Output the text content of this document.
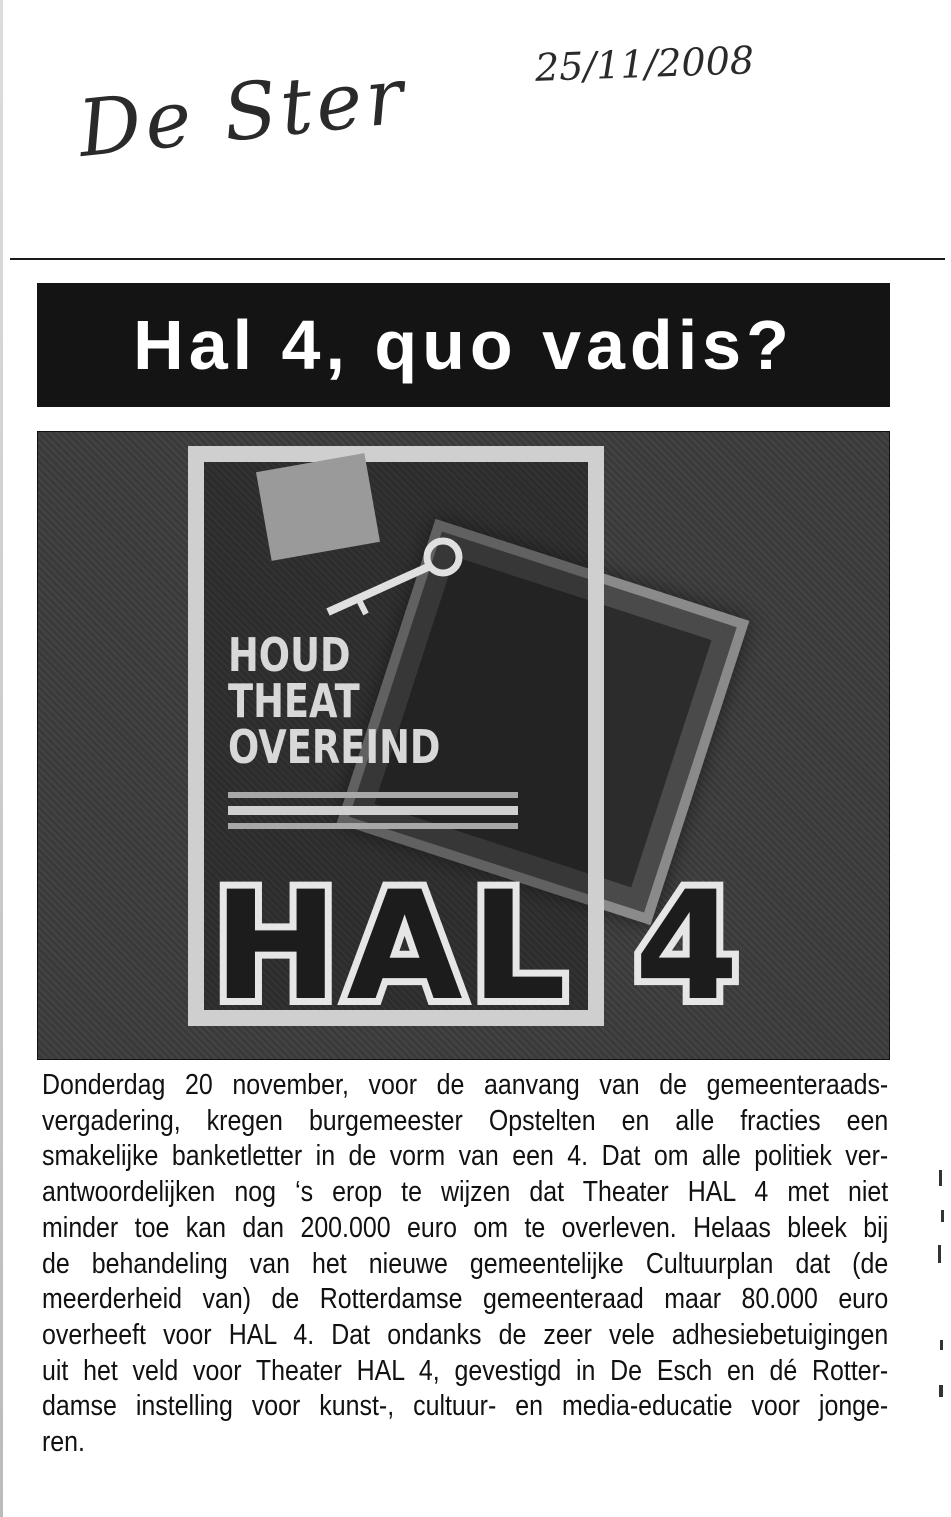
De Ster	25/11/2008
Hal 4, quo vadis?
HOUD
THEAT
OVEREIND
HAL 4
Donderdag 20 november, voor de aanvang van de gemeenteraads-
vergadering, kregen burgemeester Opstelten en alle fracties een
smakelijke banketletter in de vorm van een 4. Dat om alle politiek ver-
antwoordelijken nog ‘s erop te wijzen dat Theater HAL 4 met niet
minder toe kan dan 200.000 euro om te overleven. Helaas bleek bij
de behandeling van het nieuwe gemeentelijke Cultuurplan dat (de
meerderheid van) de Rotterdamse gemeenteraad maar 80.000 euro
overheeft voor HAL 4. Dat ondanks de zeer vele adhesiebetuigingen
uit het veld voor Theater HAL 4, gevestigd in De Esch en dé Rotter-
damse instelling voor kunst-, cultuur- en media-educatie voor jonge-
ren.
